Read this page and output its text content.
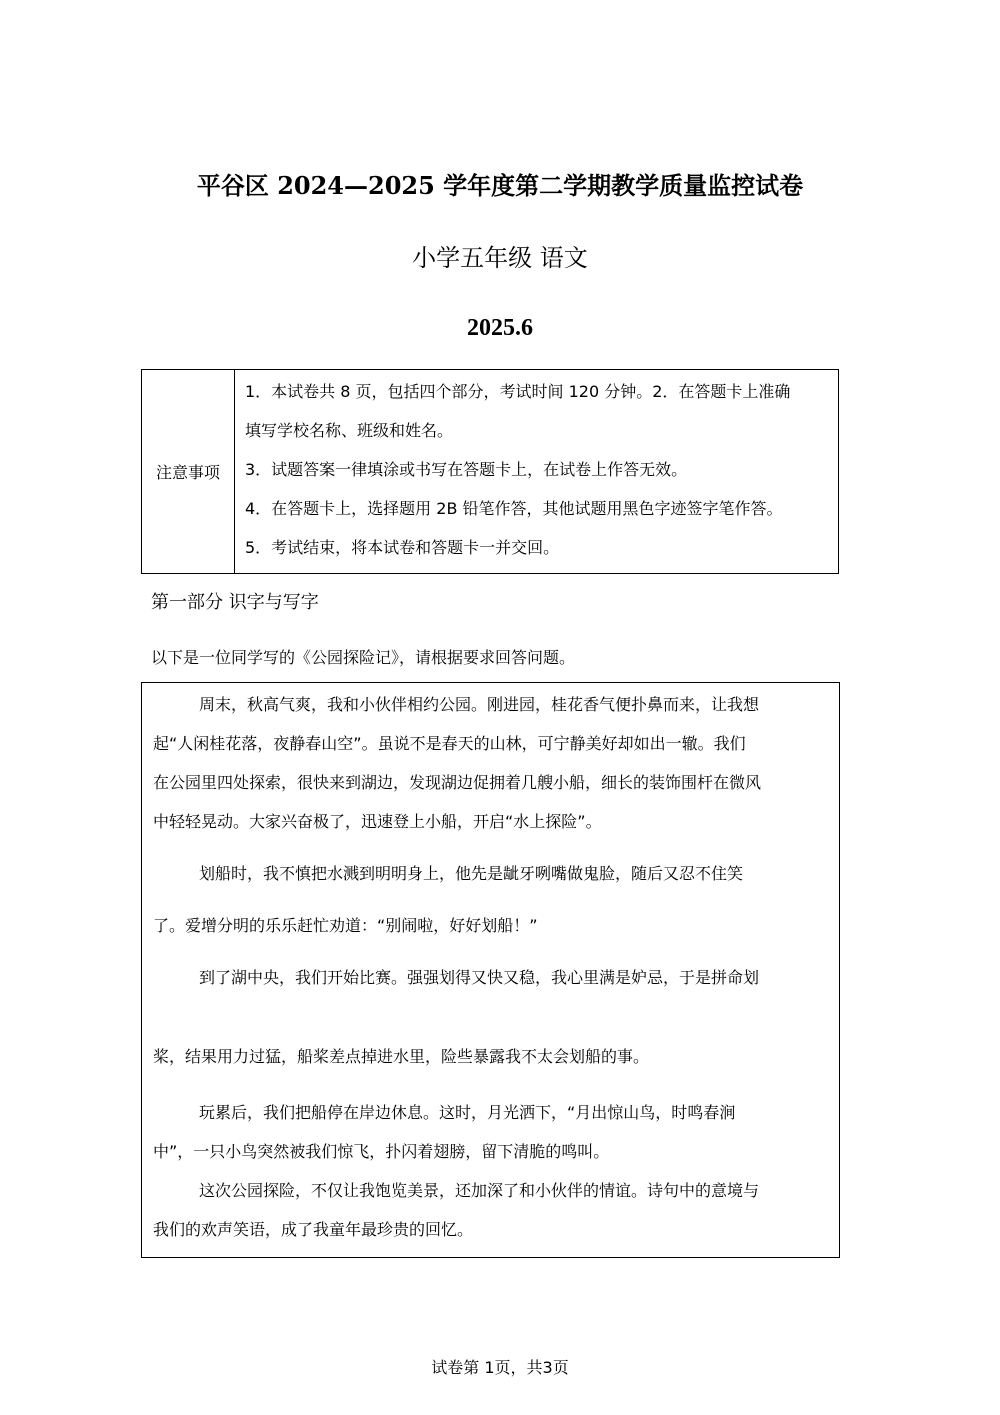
平谷区 2024—2025 学年度第二学期教学质量监控试卷
小学五年级 语文
2025.6
注意事项
1．本试卷共 8 页，包括四个部分，考试时间 120 分钟。2．在答题卡上准确
填写学校名称、班级和姓名。
3．试题答案一律填涂或书写在答题卡上，在试卷上作答无效。
4．在答题卡上，选择题用 2B 铅笔作答，其他试题用黑色字迹签字笔作答。
5．考试结束，将本试卷和答题卡一并交回。
第一部分 识字与写字
以下是一位同学写的《公园探险记》，请根据要求回答问题。
周末，秋高气爽，我和小伙伴相约公园。刚进园，桂花香气便扑鼻而来，让我想
起“人闲桂花落，夜静春山空”。虽说不是春天的山林，可宁静美好却如出一辙。我们
在公园里四处探索，很快来到湖边，发现湖边促拥着几艘小船，细长的装饰围杆在微风
中轻轻晃动。大家兴奋极了，迅速登上小船，开启“水上探险”。
划船时，我不慎把水溅到明明身上，他先是龇牙咧嘴做鬼脸，随后又忍不住笑
了。爱增分明的乐乐赶忙劝道：“别闹啦，好好划船！”
到了湖中央，我们开始比赛。强强划得又快又稳，我心里满是妒忌，于是拼命划
桨，结果用力过猛，船桨差点掉进水里，险些暴露我不太会划船的事。
玩累后，我们把船停在岸边休息。这时，月光洒下，“月出惊山鸟，时鸣春涧
中”，一只小鸟突然被我们惊飞，扑闪着翅膀，留下清脆的鸣叫。
这次公园探险，不仅让我饱览美景，还加深了和小伙伴的情谊。诗句中的意境与
我们的欢声笑语，成了我童年最珍贵的回忆。
试卷第 1页，共3页
